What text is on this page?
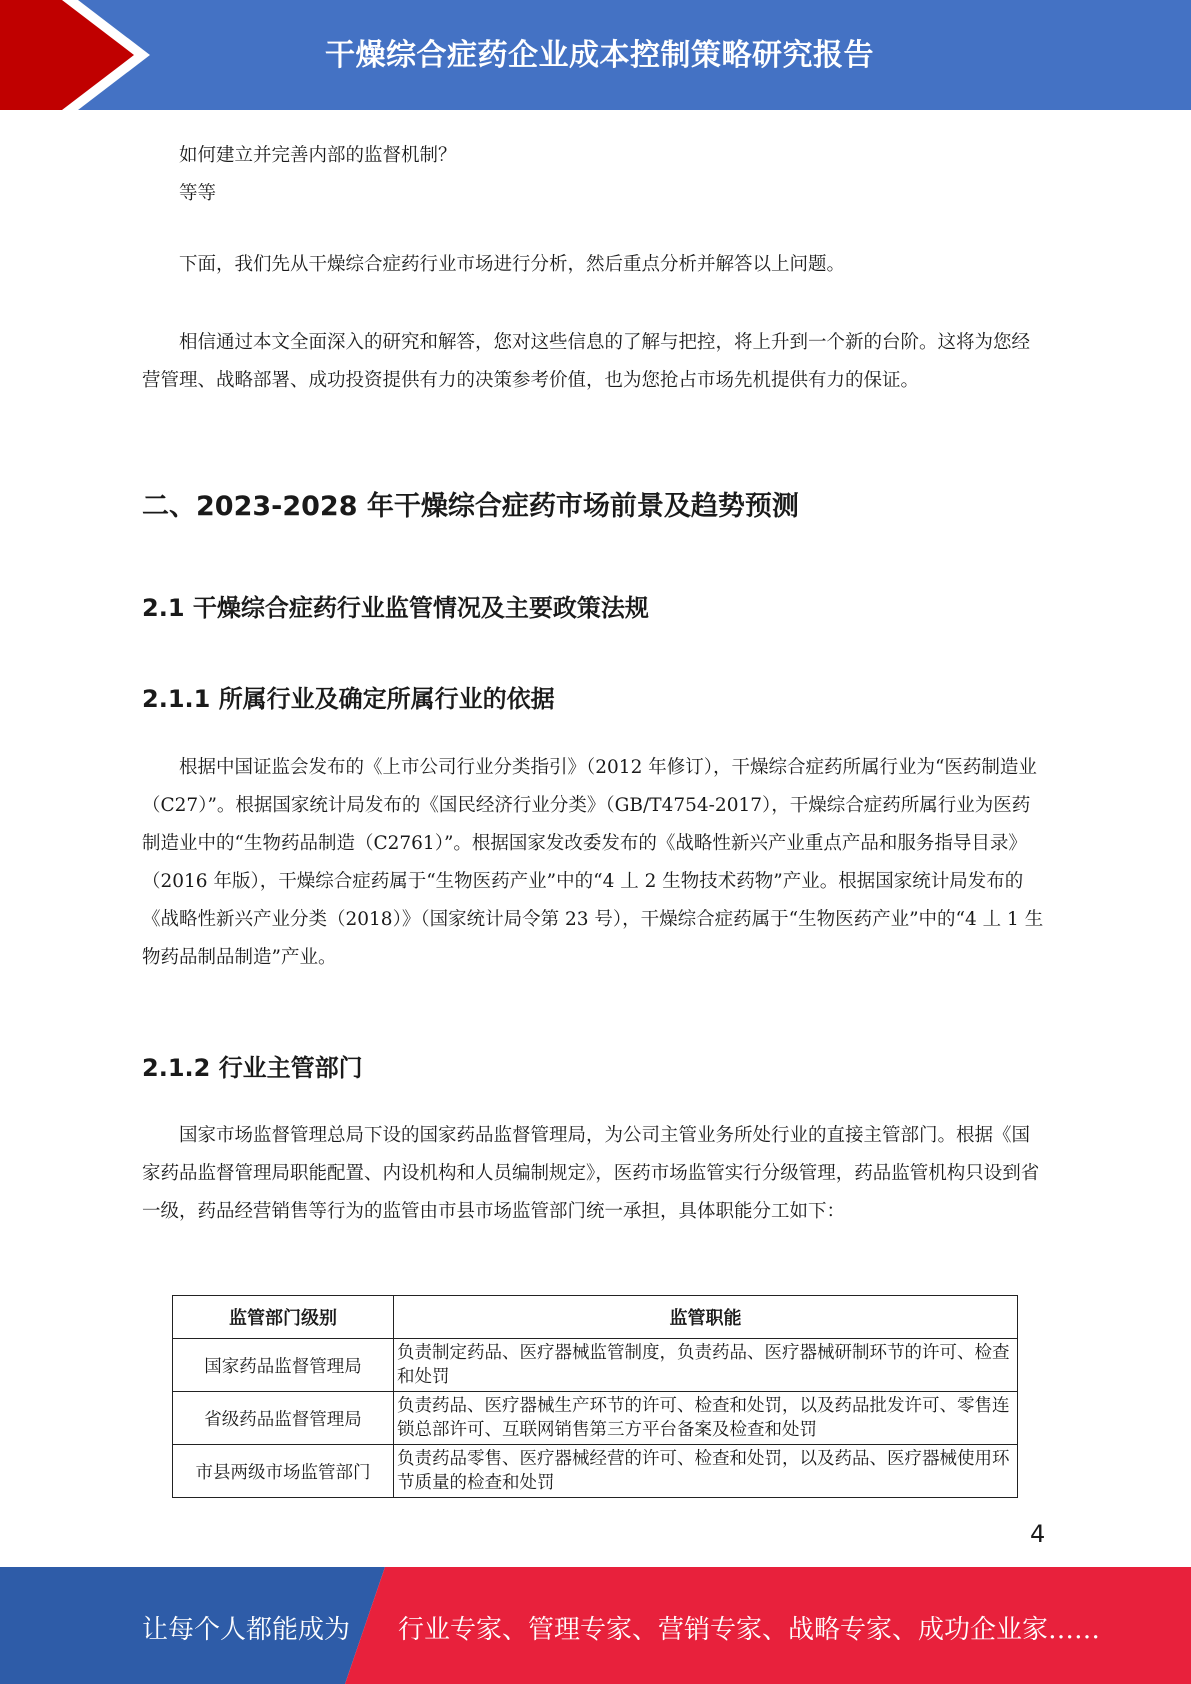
干燥综合症药企业成本控制策略研究报告

如何建立并完善内部的监督机制？

等等

下面，我们先从干燥综合症药行业市场进行分析，然后重点分析并解答以上问题。

相信通过本文全面深入的研究和解答，您对这些信息的了解与把控，将上升到一个新的台阶。这将为您经营管理、战略部署、成功投资提供有力的决策参考价值，也为您抢占市场先机提供有力的保证。

二、2023-2028 年干燥综合症药市场前景及趋势预测
2.1 干燥综合症药行业监管情况及主要政策法规
2.1.1 所属行业及确定所属行业的依据

根据中国证监会发布的《上市公司行业分类指引》（2012 年修订），干燥综合症药所属行业为“医药制造业（C27）”。根据国家统计局发布的《国民经济行业分类》（GB/T4754-2017），干燥综合症药所属行业为医药制造业中的“生物药品制造（C2761）”。根据国家发改委发布的《战略性新兴产业重点产品和服务指导目录》（2016 年版），干燥综合症药属于“生物医药产业”中的“4 丄 2 生物技术药物”产业。根据国家统计局发布的《战略性新兴产业分类（2018）》（国家统计局令第 23 号），干燥综合症药属于“生物医药产业”中的“4 丄 1 生物药品制品制造”产业。

2.1.2 行业主管部门

国家市场监督管理总局下设的国家药品监督管理局，为公司主管业务所处行业的直接主管部门。根据《国家药品监督管理局职能配置、内设机构和人员编制规定》，医药市场监管实行分级管理，药品监管机构只设到省一级，药品经营销售等行为的监管由市县市场监管部门统一承担，具体职能分工如下：

监管部门级别	监管职能
国家药品监督管理局	负责制定药品、医疗器械监管制度，负责药品、医疗器械研制环节的许可、检查和处罚
省级药品监督管理局	负责药品、医疗器械生产环节的许可、检查和处罚，以及药品批发许可、零售连锁总部许可、互联网销售第三方平台备案及检查和处罚
市县两级市场监管部门	负责药品零售、医疗器械经营的许可、检查和处罚，以及药品、医疗器械使用环节质量的检查和处罚
4
让每个人都能成为 行业专家、管理专家、营销专家、战略专家、成功企业家……
